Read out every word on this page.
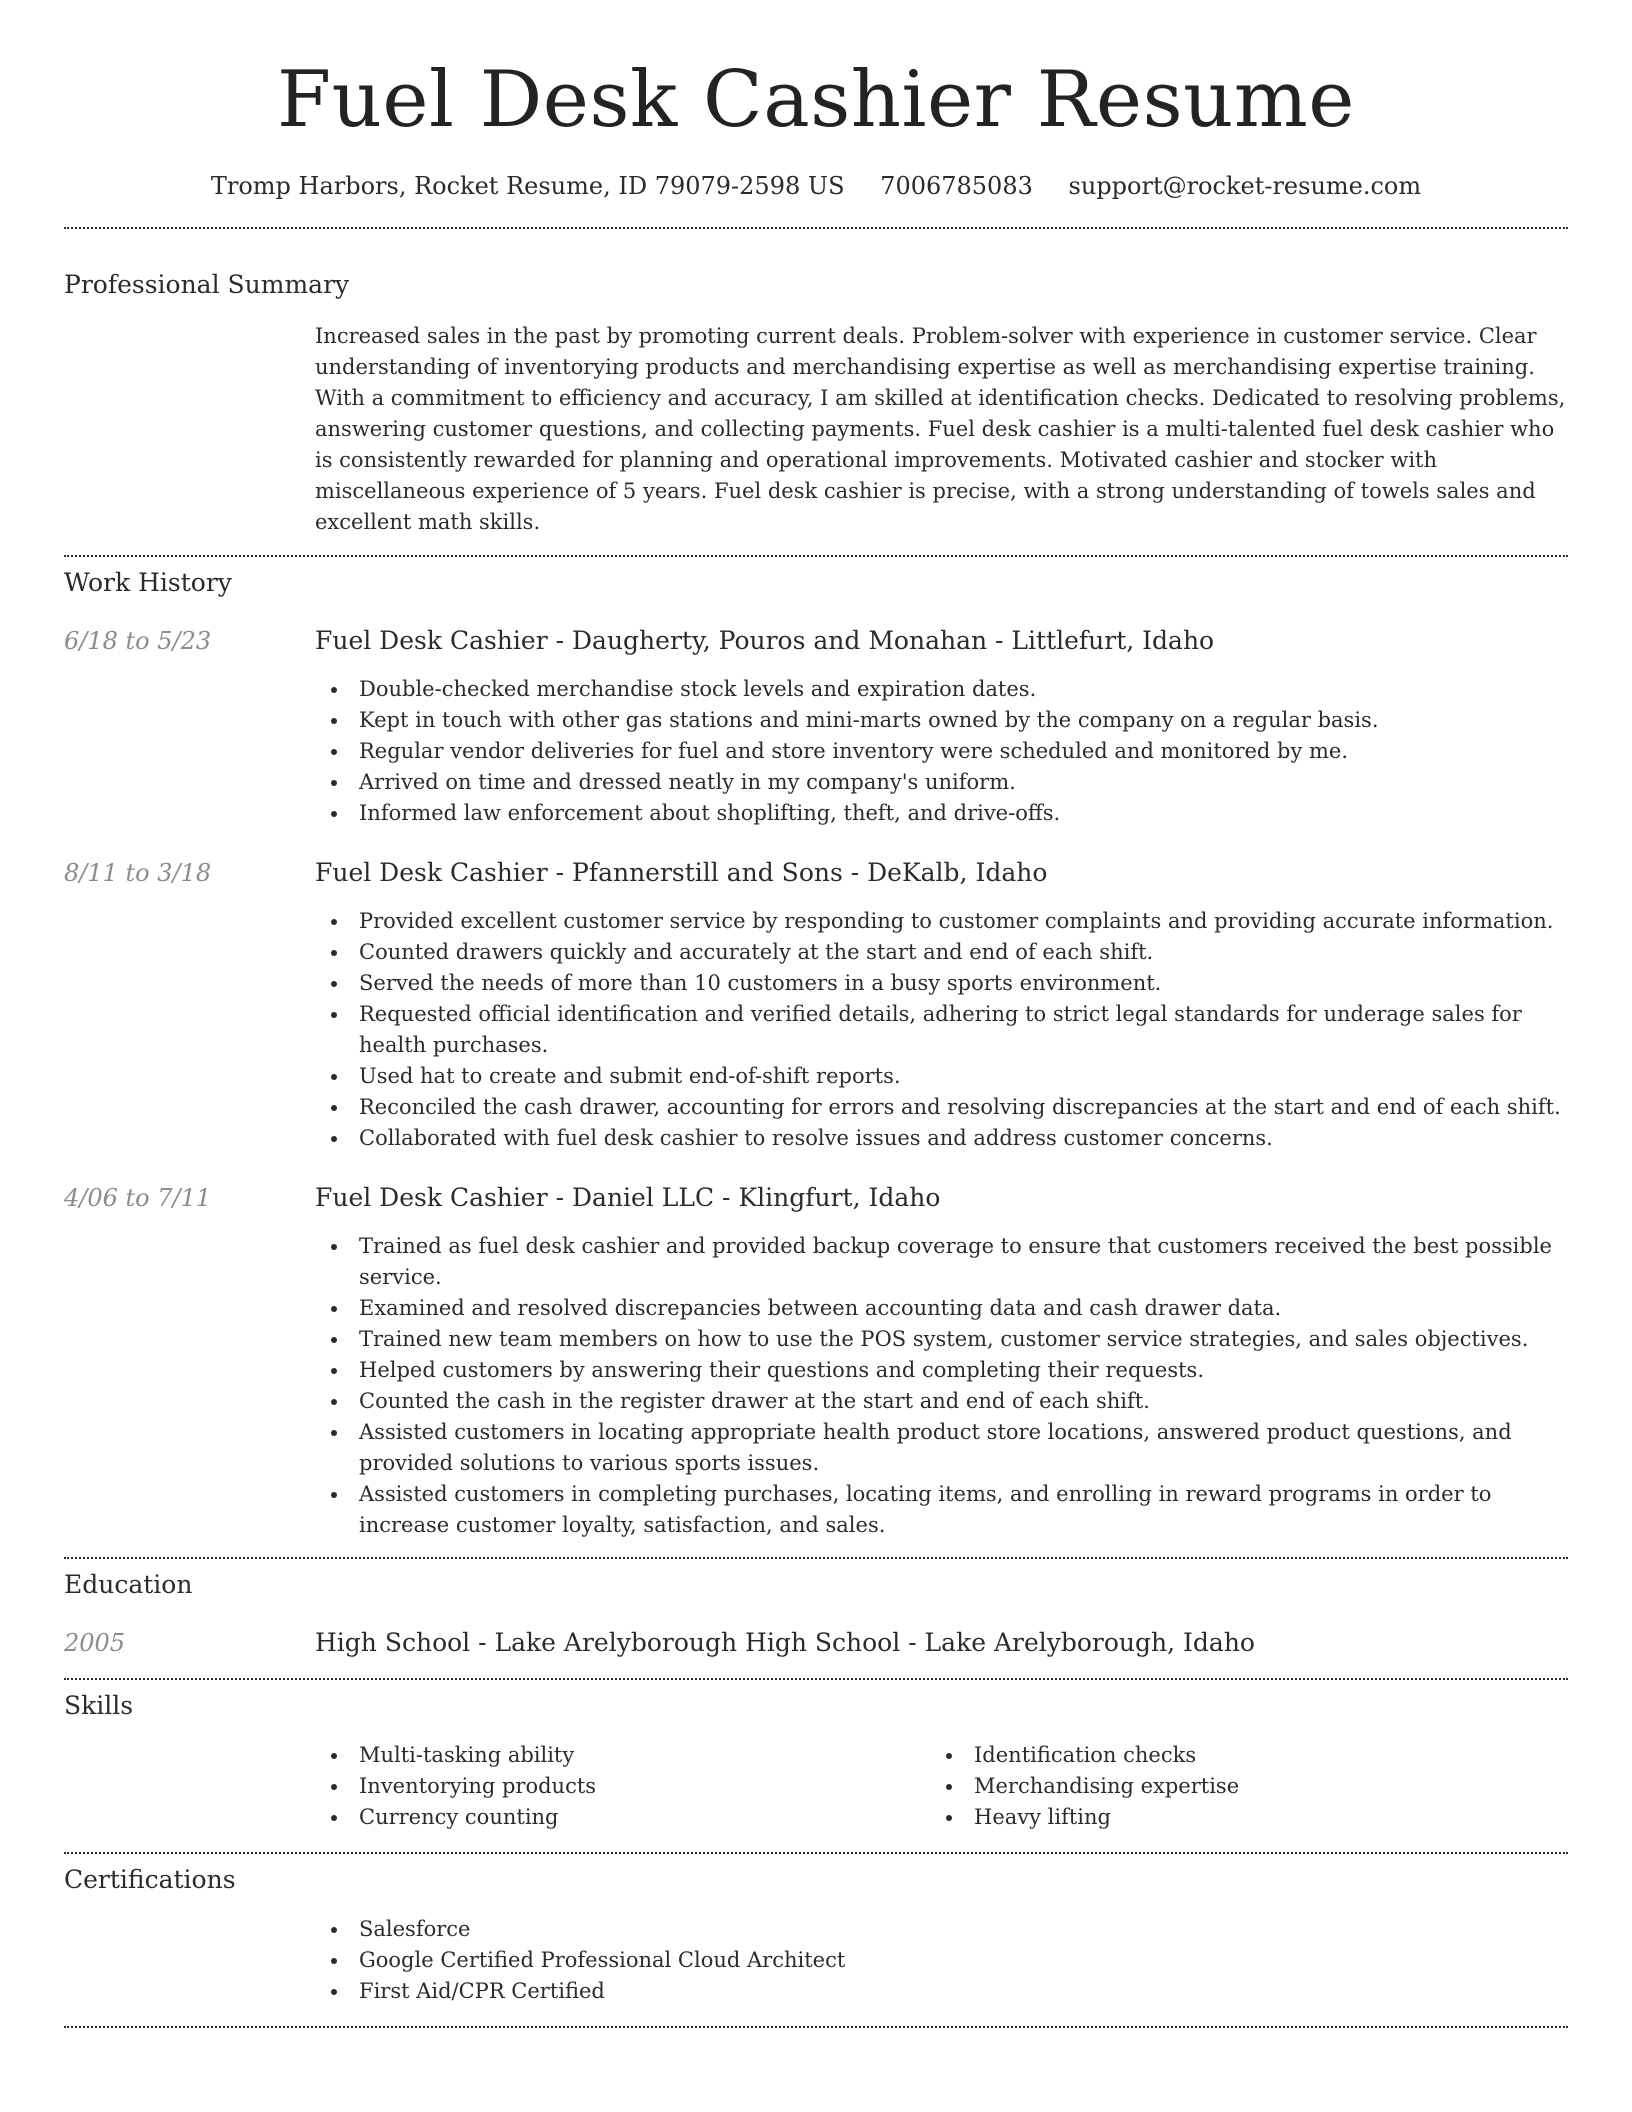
Fuel Desk Cashier Resume
Tromp Harbors, Rocket Resume, ID 79079-2598 US 7006785083 support@rocket-resume.com
Professional Summary

Increased sales in the past by promoting current deals. Problem-solver with experience in customer service. Clear understanding of inventorying products and merchandising expertise as well as merchandising expertise training. With a commitment to efficiency and accuracy, I am skilled at identification checks. Dedicated to resolving problems, answering customer questions, and collecting payments. Fuel desk cashier is a multi-talented fuel desk cashier who is consistently rewarded for planning and operational improvements. Motivated cashier and stocker with miscellaneous experience of 5 years. Fuel desk cashier is precise, with a strong understanding of towels sales and excellent math skills.

Work History
6/18 to 5/23	Fuel Desk Cashier - Daugherty, Pouros and Monahan - Littlefurt, Idaho
Double-checked merchandise stock levels and expiration dates.
Kept in touch with other gas stations and mini-marts owned by the company on a regular basis.
Regular vendor deliveries for fuel and store inventory were scheduled and monitored by me.
Arrived on time and dressed neatly in my company's uniform.
Informed law enforcement about shoplifting, theft, and drive-offs.
8/11 to 3/18	Fuel Desk Cashier - Pfannerstill and Sons - DeKalb, Idaho
Provided excellent customer service by responding to customer complaints and providing accurate information.
Counted drawers quickly and accurately at the start and end of each shift.
Served the needs of more than 10 customers in a busy sports environment.
Requested official identification and verified details, adhering to strict legal standards for underage sales for health purchases.
Used hat to create and submit end-of-shift reports.
Reconciled the cash drawer, accounting for errors and resolving discrepancies at the start and end of each shift.
Collaborated with fuel desk cashier to resolve issues and address customer concerns.
4/06 to 7/11	Fuel Desk Cashier - Daniel LLC - Klingfurt, Idaho
Trained as fuel desk cashier and provided backup coverage to ensure that customers received the best possible service.
Examined and resolved discrepancies between accounting data and cash drawer data.
Trained new team members on how to use the POS system, customer service strategies, and sales objectives.
Helped customers by answering their questions and completing their requests.
Counted the cash in the register drawer at the start and end of each shift.
Assisted customers in locating appropriate health product store locations, answered product questions, and provided solutions to various sports issues.
Assisted customers in completing purchases, locating items, and enrolling in reward programs in order to increase customer loyalty, satisfaction, and sales.
Education
2005	High School - Lake Arelyborough High School - Lake Arelyborough, Idaho
Skills
Multi-tasking ability
Inventorying products
Currency counting
Identification checks
Merchandising expertise
Heavy lifting
Certifications
Salesforce
Google Certified Professional Cloud Architect
First Aid/CPR Certified
